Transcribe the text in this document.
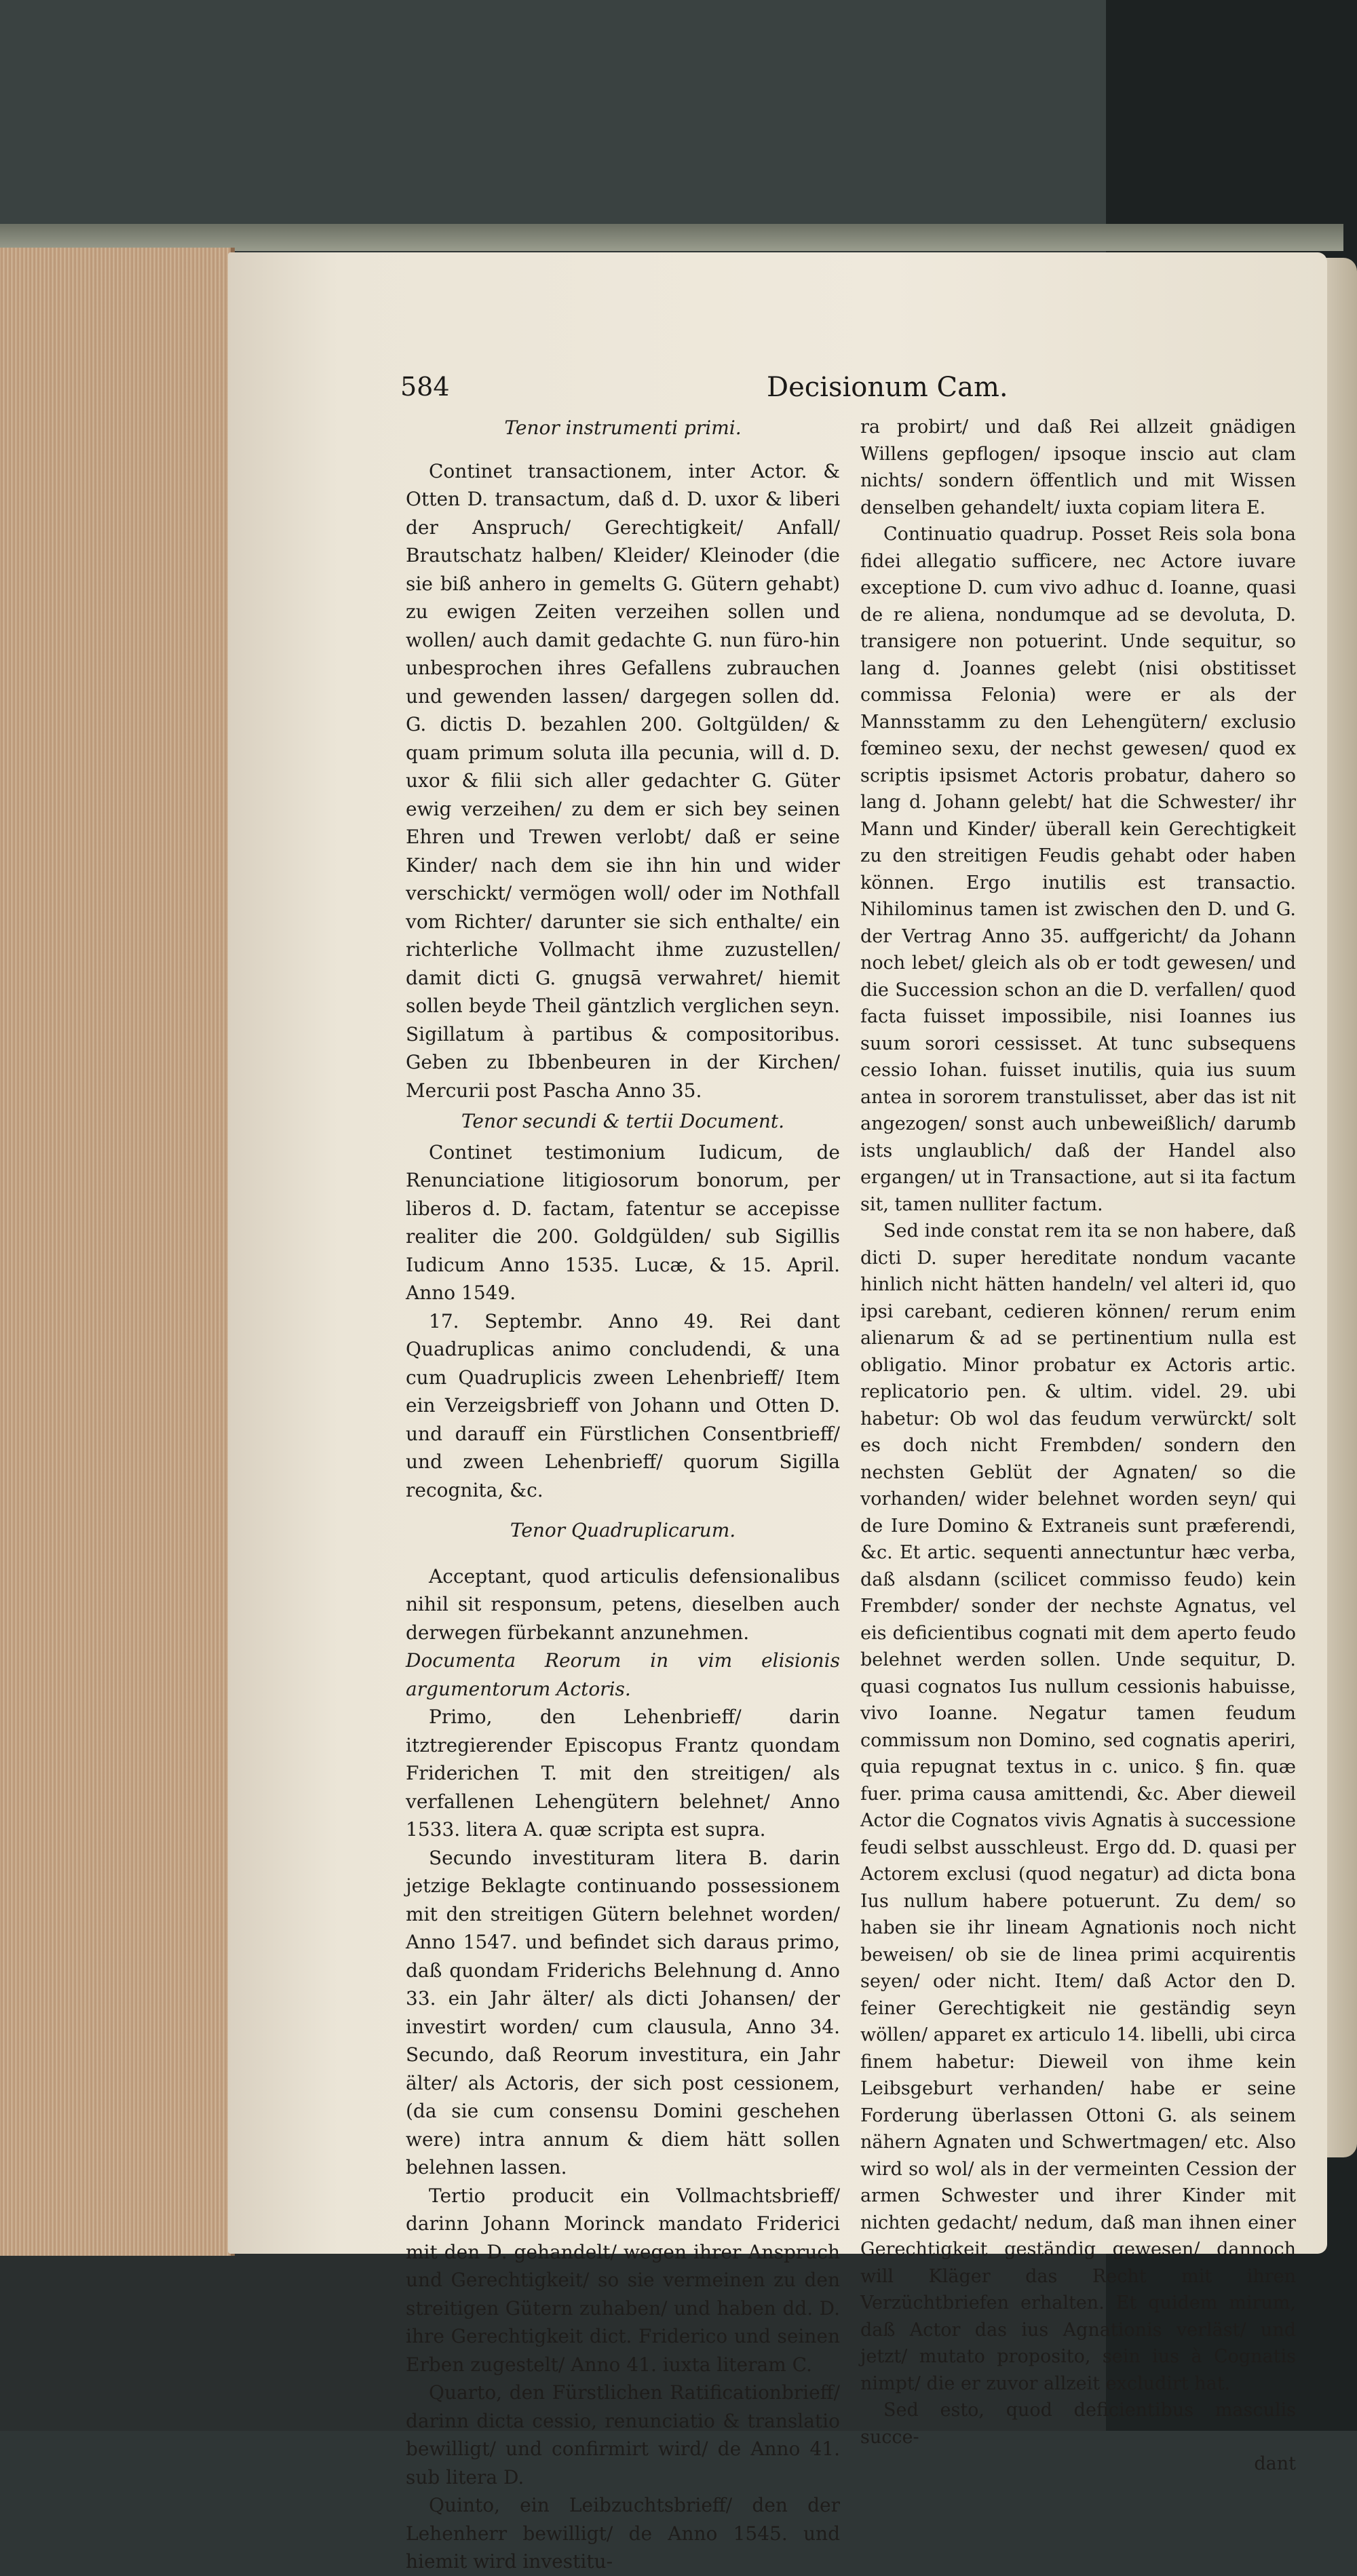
584	Decisionum Cam.

Tenor instrumenti primi.

Continet transactionem, inter Actor. & Otten D. transactum, daß d. D. uxor & liberi der Anspruch/ Gerechtigkeit/ Anfall/ Brautschatz halben/ Kleider/ Kleinoder (die sie biß anhero in gemelts G. Gütern gehabt) zu ewigen Zeiten verzeihen sollen und wollen/ auch damit gedachte G. nun füro-hin unbesprochen ihres Gefallens zubrauchen und gewenden lassen/ dargegen sollen dd. G. dictis D. bezahlen 200. Goltgülden/ & quam primum soluta illa pecunia, will d. D. uxor & filii sich aller gedachter G. Güter ewig verzeihen/ zu dem er sich bey seinen Ehren und Trewen verlobt/ daß er seine Kinder/ nach dem sie ihn hin und wider verschickt/ vermögen woll/ oder im Nothfall vom Richter/ darunter sie sich enthalte/ ein richterliche Vollmacht ihme zuzustellen/ damit dicti G. gnugsā verwahret/ hiemit sollen beyde Theil gäntzlich verglichen seyn. Sigillatum à partibus & compositoribus. Geben zu Ibbenbeuren in der Kirchen/ Mercurii post Pascha Anno 35.

Tenor secundi & tertii Document.

Continet testimonium Iudicum, de Renunciatione litigiosorum bonorum, per liberos d. D. factam, fatentur se accepisse realiter die 200. Goldgülden/ sub Sigillis Iudicum Anno 1535. Lucæ, & 15. April. Anno 1549.

17. Septembr. Anno 49. Rei dant Quadruplicas animo concludendi, & una cum Quadruplicis zween Lehenbrieff/ Item ein Verzeigsbrieff von Johann und Otten D. und darauff ein Fürstlichen Consentbrieff/ und zween Lehenbrieff/ quorum Sigilla recognita, &c.

Tenor Quadruplicarum.

Acceptant, quod articulis defensionalibus nihil sit responsum, petens, dieselben auch derwegen fürbekannt anzunehmen.

Documenta Reorum in vim elisionis argumentorum Actoris.

Primo, den Lehenbrieff/ darin itztregierender Episcopus Frantz quondam Friderichen T. mit den streitigen/ als verfallenen Lehengütern belehnet/ Anno 1533. litera A. quæ scripta est supra.

Secundo investituram litera B. darin jetzige Beklagte continuando possessionem mit den streitigen Gütern belehnet worden/ Anno 1547. und befindet sich daraus primo, daß quondam Friderichs Belehnung d. Anno 33. ein Jahr älter/ als dicti Johansen/ der investirt worden/ cum clausula, Anno 34. Secundo, daß Reorum investitura, ein Jahr älter/ als Actoris, der sich post cessionem, (da sie cum consensu Domini geschehen were) intra annum & diem hätt sollen belehnen lassen.

Tertio producit ein Vollmachtsbrieff/ darinn Johann Morinck mandato Friderici mit den D. gehandelt/ wegen ihrer Anspruch und Gerechtigkeit/ so sie vermeinen zu den streitigen Gütern zuhaben/ und haben dd. D. ihre Gerechtigkeit dict. Friderico und seinen Erben zugestelt/ Anno 41. iuxta literam C.

Quarto, den Fürstlichen Ratificationbrieff/ darinn dicta cessio, renunciatio & translatio bewilligt/ und confirmirt wird/ de Anno 41. sub litera D.

Quinto, ein Leibzuchtsbrieff/ den der Lehenherr bewilligt/ de Anno 1545. und hiemit wird investitu-

ra probirt/ und daß Rei allzeit gnädigen Willens gepflogen/ ipsoque inscio aut clam nichts/ sondern öffentlich und mit Wissen denselben gehandelt/ iuxta copiam litera E.

Continuatio quadrup. Posset Reis sola bona fidei allegatio sufficere, nec Actore iuvare exceptione D. cum vivo adhuc d. Ioanne, quasi de re aliena, nondumque ad se devoluta, D. transigere non potuerint. Unde sequitur, so lang d. Joannes gelebt (nisi obstitisset commissa Felonia) were er als der Mannsstamm zu den Lehengütern/ exclusio fœmineo sexu, der nechst gewesen/ quod ex scriptis ipsismet Actoris probatur, dahero so lang d. Johann gelebt/ hat die Schwester/ ihr Mann und Kinder/ überall kein Gerechtigkeit zu den streitigen Feudis gehabt oder haben können. Ergo inutilis est transactio. Nihilominus tamen ist zwischen den D. und G. der Vertrag Anno 35. auffgericht/ da Johann noch lebet/ gleich als ob er todt gewesen/ und die Succession schon an die D. verfallen/ quod facta fuisset impossibile, nisi Ioannes ius suum sorori cessisset. At tunc subsequens cessio Iohan. fuisset inutilis, quia ius suum antea in sororem transtulisset, aber das ist nit angezogen/ sonst auch unbeweißlich/ darumb ists unglaublich/ daß der Handel also ergangen/ ut in Transactione, aut si ita factum sit, tamen nulliter factum.

Sed inde constat rem ita se non habere, daß dicti D. super hereditate nondum vacante hinlich nicht hätten handeln/ vel alteri id, quo ipsi carebant, cedieren können/ rerum enim alienarum & ad se pertinentium nulla est obligatio. Minor probatur ex Actoris artic. replicatorio pen. & ultim. videl. 29. ubi habetur: Ob wol das feudum verwürckt/ solt es doch nicht Frembden/ sondern den nechsten Geblüt der Agnaten/ so die vorhanden/ wider belehnet worden seyn/ qui de Iure Domino & Extraneis sunt præferendi, &c. Et artic. sequenti annectuntur hæc verba, daß alsdann (scilicet commisso feudo) kein Frembder/ sonder der nechste Agnatus, vel eis deficientibus cognati mit dem aperto feudo belehnet werden sollen. Unde sequitur, D. quasi cognatos Ius nullum cessionis habuisse, vivo Ioanne. Negatur tamen feudum commissum non Domino, sed cognatis aperiri, quia repugnat textus in c. unico. § fin. quæ fuer. prima causa amittendi, &c. Aber dieweil Actor die Cognatos vivis Agnatis à successione feudi selbst ausschleust. Ergo dd. D. quasi per Actorem exclusi (quod negatur) ad dicta bona Ius nullum habere potuerunt. Zu dem/ so haben sie ihr lineam Agnationis noch nicht beweisen/ ob sie de linea primi acquirentis seyen/ oder nicht. Item/ daß Actor den D. feiner Gerechtigkeit nie geständig seyn wöllen/ apparet ex articulo 14. libelli, ubi circa finem habetur: Dieweil von ihme kein Leibsgeburt verhanden/ habe er seine Forderung überlassen Ottoni G. als seinem nähern Agnaten und Schwertmagen/ etc. Also wird so wol/ als in der vermeinten Cession der armen Schwester und ihrer Kinder mit nichten gedacht/ nedum, daß man ihnen einer Gerechtigkeit geständig gewesen/ dannoch will Kläger das Recht mit ihren Verzüchtbriefen erhalten. Et quidem mirum, daß Actor das ius Agnationis verläst/ und jetzt/ mutato proposito, sein ius à Cognatis nimpt/ die er zuvor allzeit excludirt hat.

Sed esto, quod deficientibus masculis succe-

dant
